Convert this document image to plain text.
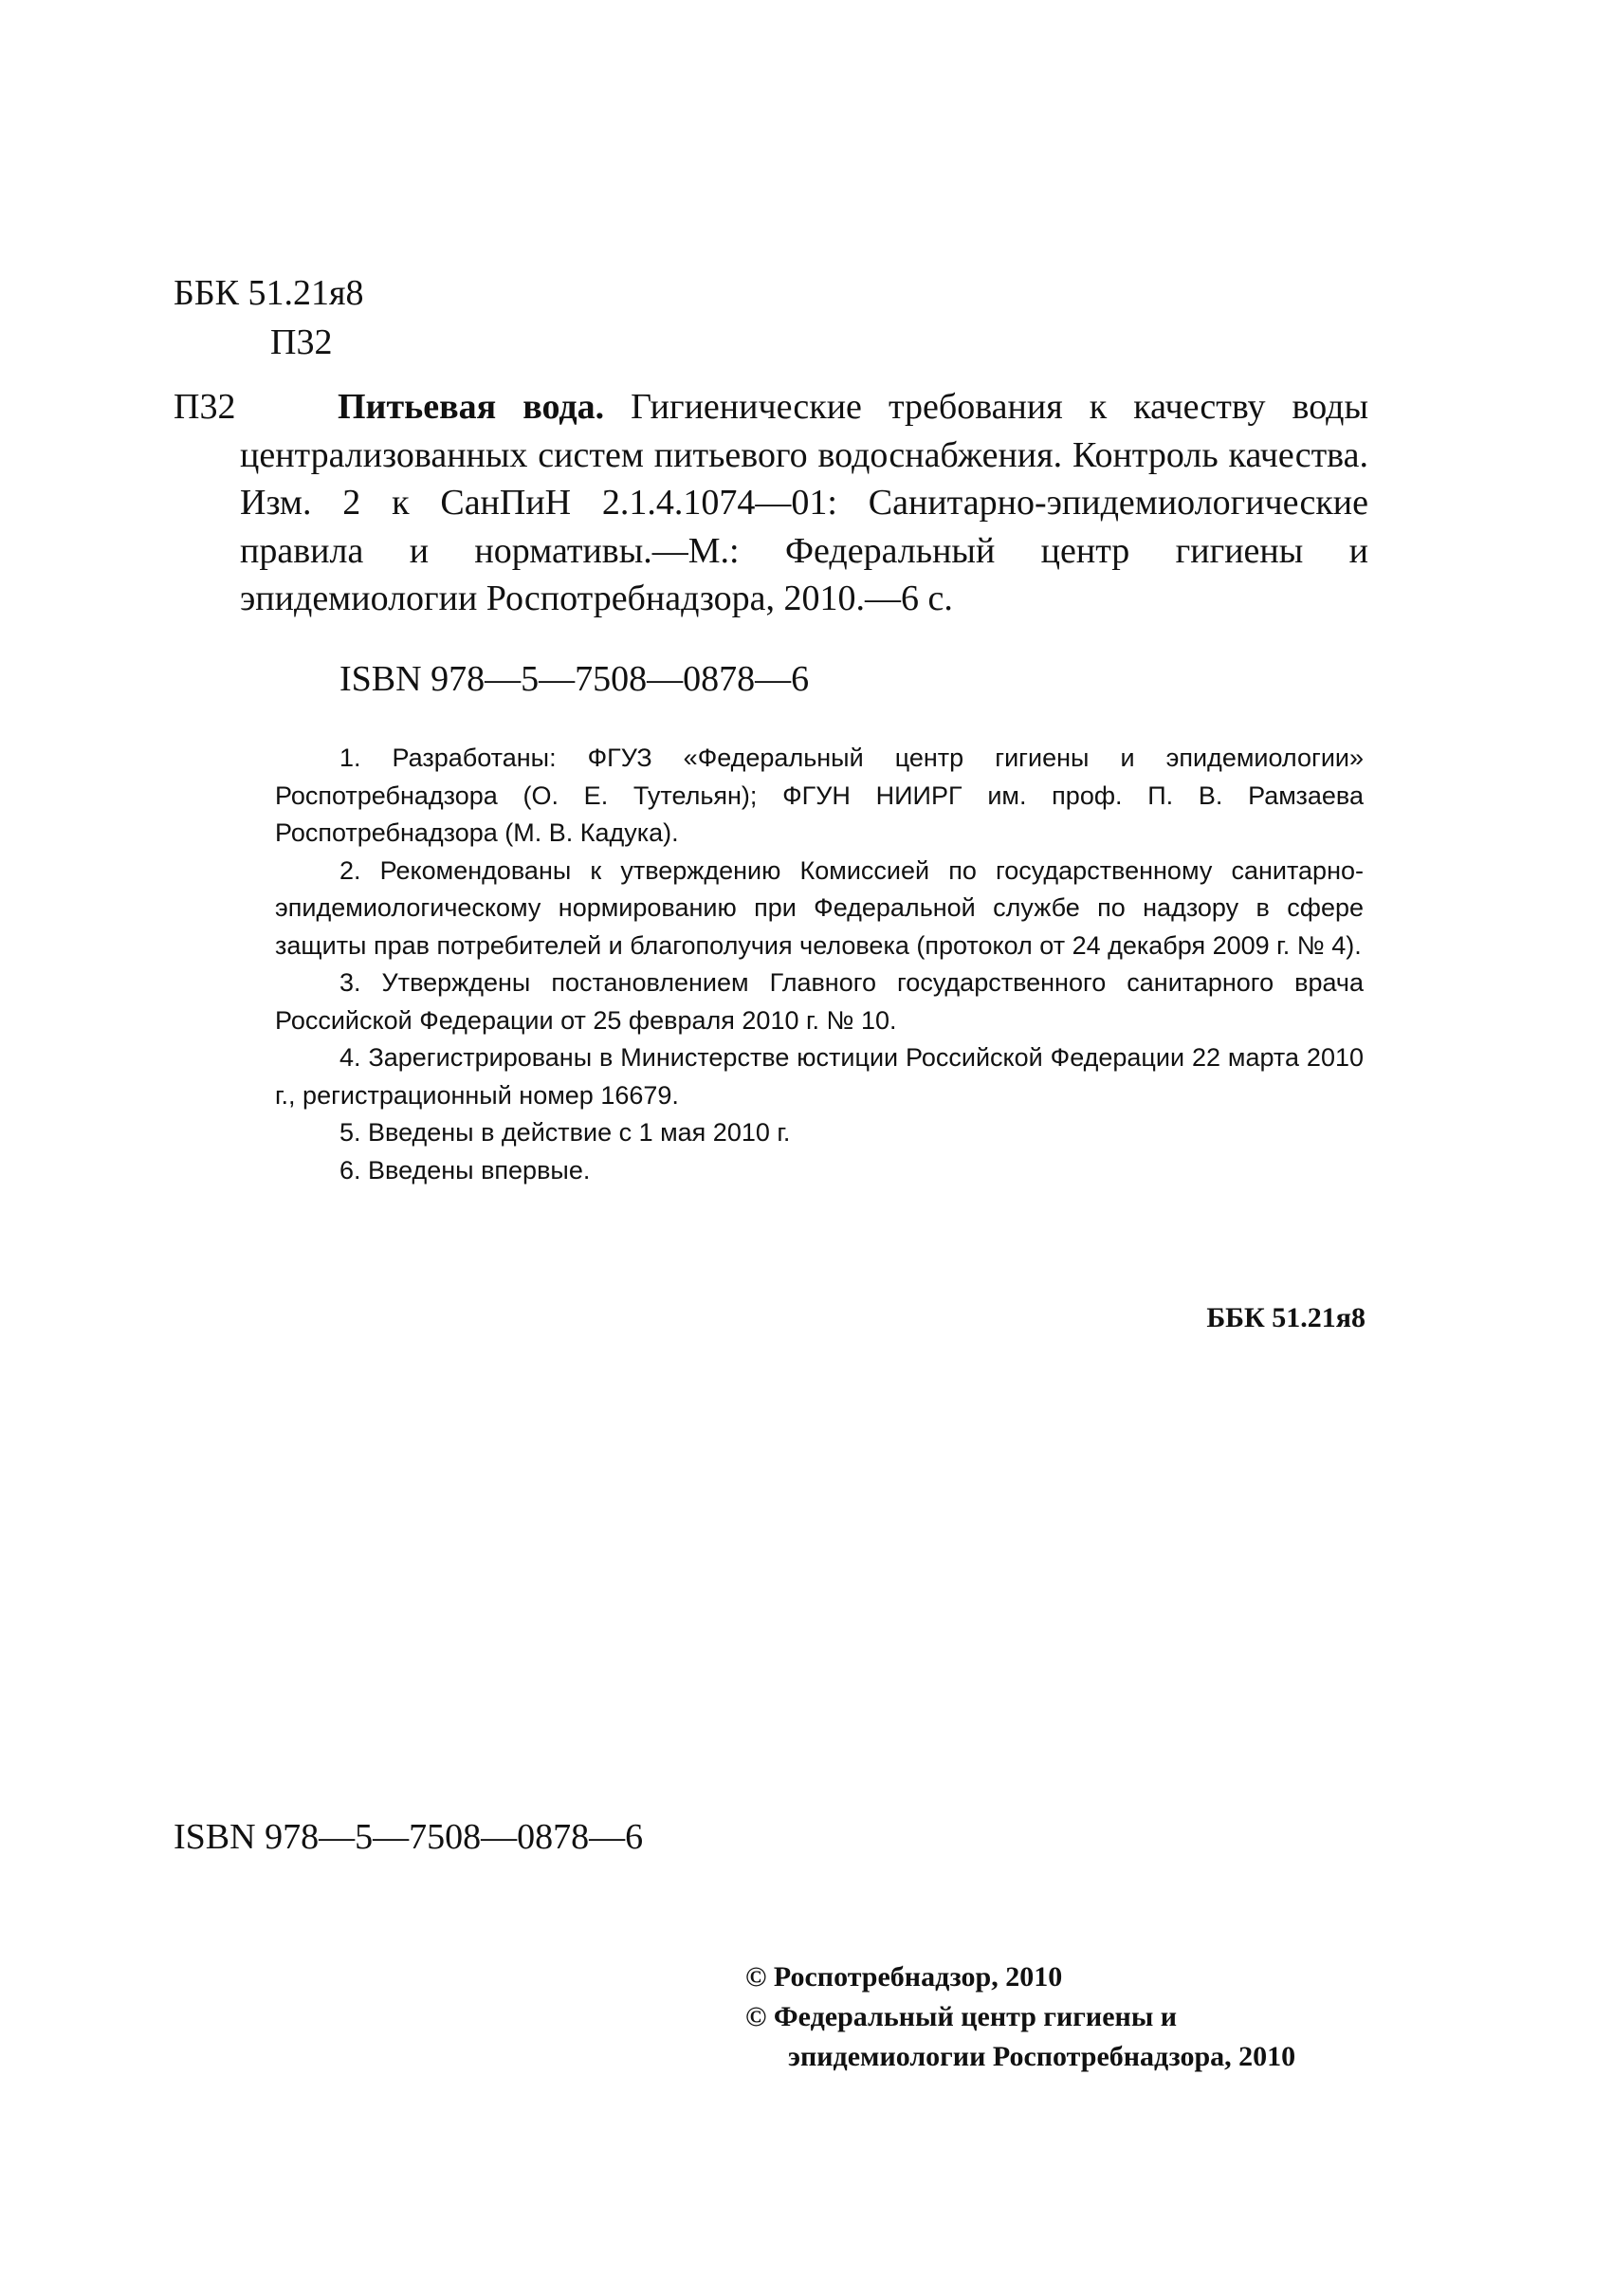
ББК 51.21я8
П32
П32	Питьевая вода. Гигиенические требования к качеству воды централизованных систем питьевого водоснабжения. Контроль качества. Изм. 2 к СанПиН 2.1.4.1074—01: Санитарно-эпидемиологические правила и нормативы.—М.: Федеральный центр гигиены и эпидемиологии Роспотребнадзора, 2010.—6 с.
ISBN 978—5—7508—0878—6

1. Разработаны: ФГУЗ «Федеральный центр гигиены и эпидемиологии» Роспотребнадзора (О. Е. Тутельян); ФГУН НИИРГ им. проф. П. В. Рамзаева Роспотребнадзора (М. В. Кадука).

2. Рекомендованы к утверждению Комиссией по государственному санитарно-эпидемиологическому нормированию при Федеральной службе по надзору в сфере защиты прав потребителей и благополучия человека (протокол от 24 декабря 2009 г. № 4).

3. Утверждены постановлением Главного государственного санитарного врача Российской Федерации от 25 февраля 2010 г. № 10.

4. Зарегистрированы в Министерстве юстиции Российской Федерации 22 марта 2010 г., регистрационный номер 16679.

5. Введены в действие с 1 мая 2010 г.

6. Введены впервые.

ББК 51.21я8
ISBN 978—5—7508—0878—6
© Роспотребнадзор, 2010
© Федеральный центр гигиены и
эпидемиологии Роспотребнадзора, 2010
